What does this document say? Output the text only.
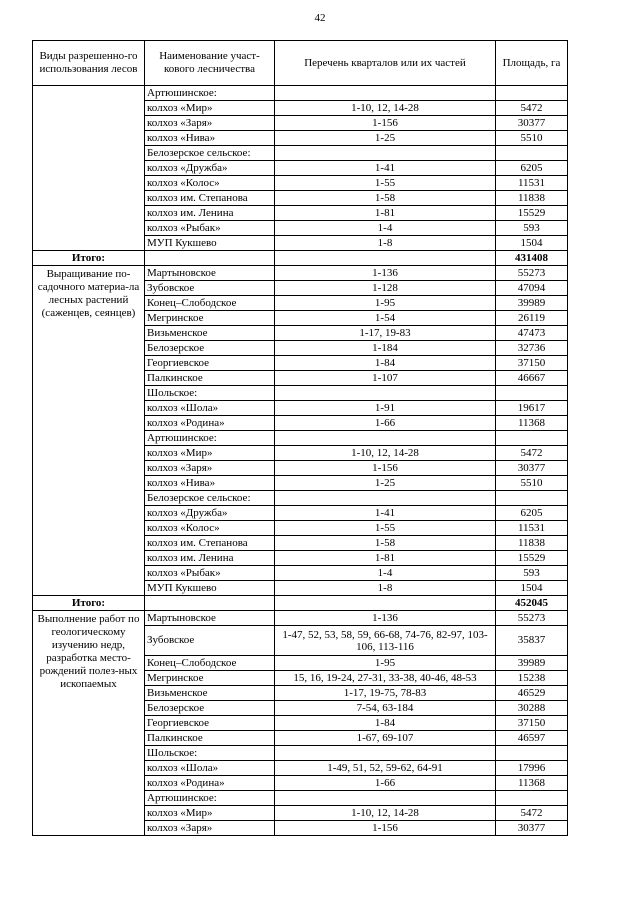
42
Виды разрешенно-го использования лесов	Наименование участ-кового лесничества	Перечень кварталов или их частей	Площадь, га
	Артюшинское:		
	колхоз «Мир»	1-10, 12, 14-28	5472
	колхоз «Заря»	1-156	30377
	колхоз «Нива»	1-25	5510
	Белозерское сельское:		
	колхоз «Дружба»	1-41	6205
	колхоз «Колос»	1-55	11531
	колхоз им. Степанова	1-58	11838
	колхоз им. Ленина	1-81	15529
	колхоз «Рыбак»	1-4	593
	МУП Кукшево	1-8	1504
Итого:			431408
Выращивание по-садочного материа-ла лесных растений (саженцев, сеянцев)	Мартыновское	1-136	55273
	Зубовское	1-128	47094
	Конец–Слободское	1-95	39989
	Мегринское	1-54	26119
	Визьменское	1-17, 19-83	47473
	Белозерское	1-184	32736
	Георгиевское	1-84	37150
	Палкинское	1-107	46667
	Шольское:		
	колхоз «Шола»	1-91	19617
	колхоз «Родина»	1-66	11368
	Артюшинское:		
	колхоз «Мир»	1-10, 12, 14-28	5472
	колхоз «Заря»	1-156	30377
	колхоз «Нива»	1-25	5510
	Белозерское сельское:		
	колхоз «Дружба»	1-41	6205
	колхоз «Колос»	1-55	11531
	колхоз им. Степанова	1-58	11838
	колхоз им. Ленина	1-81	15529
	колхоз «Рыбак»	1-4	593
	МУП Кукшево	1-8	1504
Итого:			452045
Выполнение работ по геологическому изучению недр, разработка место-рождений полез-ных ископаемых	Мартыновское	1-136	55273
	Зубовское	1-47, 52, 53, 58, 59, 66-68, 74-76, 82-97, 103-106, 113-116	35837
	Конец–Слободское	1-95	39989
	Мегринское	15, 16, 19-24, 27-31, 33-38, 40-46, 48-53	15238
	Визьменское	1-17, 19-75, 78-83	46529
	Белозерское	7-54, 63-184	30288
	Георгиевское	1-84	37150
	Палкинское	1-67, 69-107	46597
	Шольское:		
	колхоз «Шола»	1-49, 51, 52, 59-62, 64-91	17996
	колхоз «Родина»	1-66	11368
	Артюшинское:		
	колхоз «Мир»	1-10, 12, 14-28	5472
	колхоз «Заря»	1-156	30377
